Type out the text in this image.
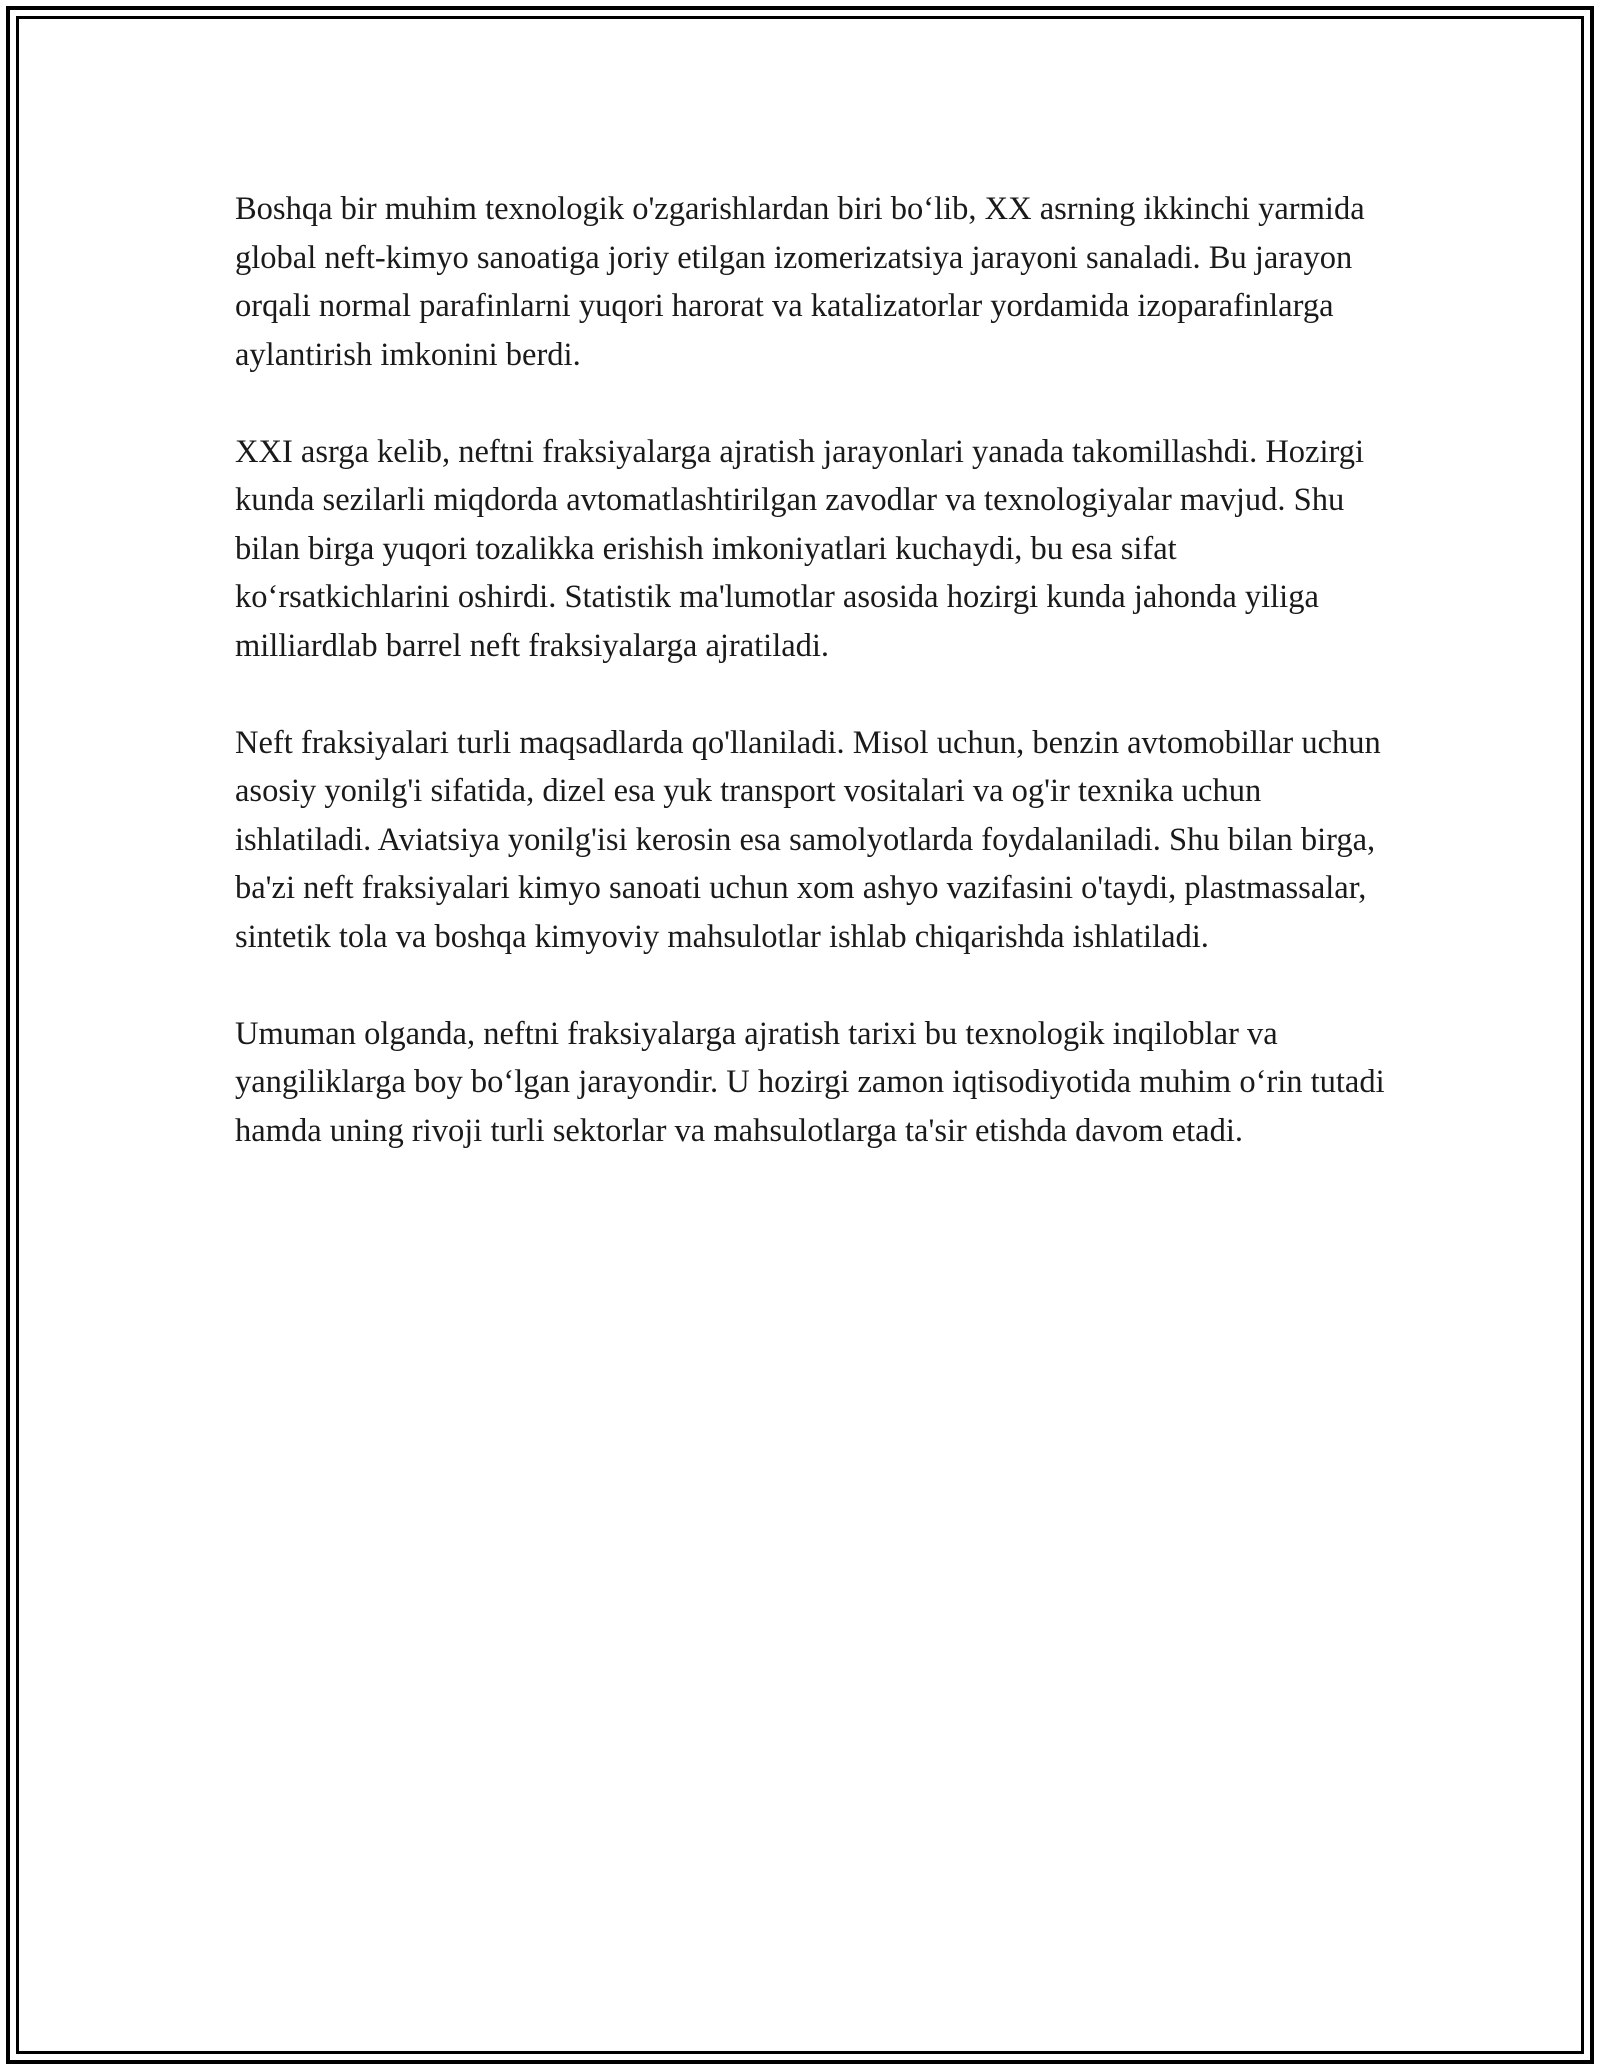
Boshqa bir muhim texnologik o'zgarishlardan biri bo‘lib, XX asrning ikkinchi yarmida global neft-kimyo sanoatiga joriy etilgan izomerizatsiya jarayoni sanaladi. Bu jarayon orqali normal parafinlarni yuqori harorat va katalizatorlar yordamida izoparafinlarga aylantirish imkonini berdi.

XXI asrga kelib, neftni fraksiyalarga ajratish jarayonlari yanada takomillashdi. Hozirgi kunda sezilarli miqdorda avtomatlashtirilgan zavodlar va texnologiyalar mavjud. Shu bilan birga yuqori tozalikka erishish imkoniyatlari kuchaydi, bu esa sifat ko‘rsatkichlarini oshirdi. Statistik ma'lumotlar asosida hozirgi kunda jahonda yiliga milliardlab barrel neft fraksiyalarga ajratiladi.

Neft fraksiyalari turli maqsadlarda qo'llaniladi. Misol uchun, benzin avtomobillar uchun asosiy yonilg'i sifatida, dizel esa yuk transport vositalari va og'ir texnika uchun ishlatiladi. Aviatsiya yonilg'isi kerosin esa samolyotlarda foydalaniladi. Shu bilan birga, ba'zi neft fraksiyalari kimyo sanoati uchun xom ashyo vazifasini o'taydi, plastmassalar, sintetik tola va boshqa kimyoviy mahsulotlar ishlab chiqarishda ishlatiladi.

Umuman olganda, neftni fraksiyalarga ajratish tarixi bu texnologik inqiloblar va yangiliklarga boy bo‘lgan jarayondir. U hozirgi zamon iqtisodiyotida muhim o‘rin tutadi hamda uning rivoji turli sektorlar va mahsulotlarga ta'sir etishda davom etadi.
